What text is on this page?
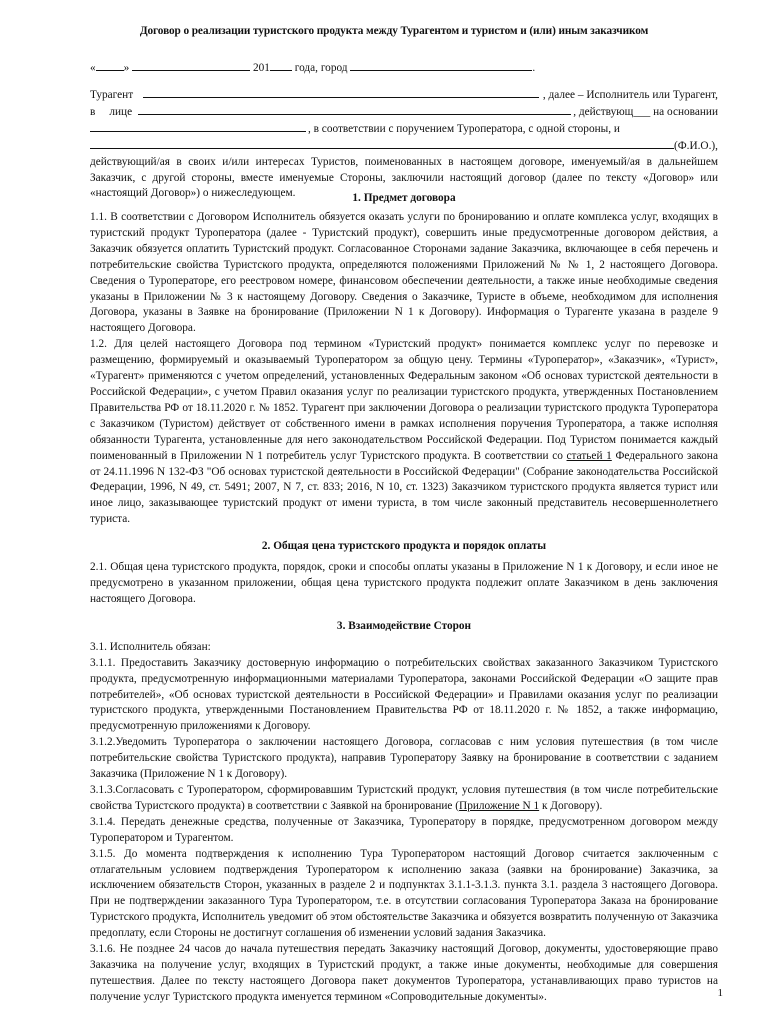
Договор о реализации туристского продукта между Турагентом и туристом и (или) иным заказчиком
« »	201 года, город	.
Турагент	, далее – Исполнитель или Турагент,
в лице	, действующ___ на основании
, в соответствии с поручением Туроператора, с одной стороны, и
(Ф.И.О.),

действующий/ая в своих и/или интересах Туристов, поименованных в настоящем договоре, именуемый/ая в дальнейшем Заказчик, с другой стороны, вместе именуемые Стороны, заключили настоящий договор (далее по тексту «Договор» или «настоящий Договор») о нижеследующем.	1. Предмет договора

1.1. В соответствии с Договором Исполнитель обязуется оказать услуги по бронированию и оплате комплекса услуг, входящих в туристский продукт Туроператора (далее - Туристский продукт), совершить иные предусмотренные договором действия, а Заказчик обязуется оплатить Туристский продукт. Согласованное Сторонами задание Заказчика, включающее в себя перечень и потребительские свойства Туристского продукта, определяются положениями Приложений № № 1, 2 настоящего Договора. Сведения о Туроператоре, его реестровом номере, финансовом обеспечении деятельности, а также иные необходимые сведения указаны в Приложении № 3 к настоящему Договору. Сведения о Заказчике, Туристе в объеме, необходимом для исполнения Договора, указаны в Заявке на бронирование (Приложении N 1 к Договору). Информация о Турагенте указана в разделе 9 настоящего Договора.

1.2. Для целей настоящего Договора под термином «Туристский продукт» понимается комплекс услуг по перевозке и размещению, формируемый и оказываемый Туроператором за общую цену. Термины «Туроператор», «Заказчик», «Турист», «Турагент» применяются с учетом определений, установленных Федеральным законом «Об основах туристской деятельности в Российской Федерации», с учетом Правил оказания услуг по реализации туристского продукта, утвержденных Постановлением Правительства РФ от 18.11.2020 г. № 1852. Турагент при заключении Договора о реализации туристского продукта Туроператора с Заказчиком (Туристом) действует от собственного имени в рамках исполнения поручения Туроператора, а также исполняя обязанности Турагента, установленные для него законодательством Российской Федерации. Под Туристом понимается каждый поименованный в Приложении N 1 потребитель услуг Туристского продукта. В соответствии со статьей 1 Федерального закона от 24.11.1996 N 132-ФЗ "Об основах туристской деятельности в Российской Федерации" (Собрание законодательства Российской Федерации, 1996, N 49, ст. 5491; 2007, N 7, ст. 833; 2016, N 10, ст. 1323) Заказчиком туристского продукта является турист или иное лицо, заказывающее туристский продукт от имени туриста, в том числе законный представитель несовершеннолетнего туриста.

2. Общая цена туристского продукта и порядок оплаты

2.1. Общая цена туристского продукта, порядок, сроки и способы оплаты указаны в Приложение N 1 к Договору, и если иное не предусмотрено в указанном приложении, общая цена туристского продукта подлежит оплате Заказчиком в день заключения настоящего Договора.

3. Взаимодействие Сторон

3.1. Исполнитель обязан:

3.1.1. Предоставить Заказчику достоверную информацию о потребительских свойствах заказанного Заказчиком Туристского продукта, предусмотренную информационными материалами Туроператора, законами Российской Федерации «О защите прав потребителей», «Об основах туристской деятельности в Российской Федерации» и Правилами оказания услуг по реализации туристского продукта, утвержденными Постановлением Правительства РФ от 18.11.2020 г. № 1852, а также информацию, предусмотренную приложениями к Договору.

3.1.2.Уведомить Туроператора о заключении настоящего Договора, согласовав с ним условия путешествия (в том числе потребительские свойства Туристского продукта), направив Туроператору Заявку на бронирование в соответствии с заданием Заказчика (Приложение N 1 к Договору).

3.1.3.Согласовать с Туроператором, сформировавшим Туристский продукт, условия путешествия (в том числе потребительские свойства Туристского продукта) в соответствии с Заявкой на бронирование (Приложение N 1 к Договору).

3.1.4. Передать денежные средства, полученные от Заказчика, Туроператору в порядке, предусмотренном договором между Туроператором и Турагентом.

3.1.5. До момента подтверждения к исполнению Тура Туроператором настоящий Договор считается заключенным с отлагательным условием подтверждения Туроператором к исполнению заказа (заявки на бронирование) Заказчика, за исключением обязательств Сторон, указанных в разделе 2 и подпунктах 3.1.1-3.1.3. пункта 3.1. раздела 3 настоящего Договора. При не подтверждении заказанного Тура Туроператором, т.е. в отсутствии согласования Туроператора Заказа на бронирование Туристского продукта, Исполнитель уведомит об этом обстоятельстве Заказчика и обязуется возвратить полученную от Заказчика предоплату, если Стороны не достигнут соглашения об изменении условий задания Заказчика.

3.1.6. Не позднее 24 часов до начала путешествия передать Заказчику настоящий Договор, документы, удостоверяющие право Заказчика на получение услуг, входящих в Туристский продукт, а также иные документы, необходимые для совершения путешествия. Далее по тексту настоящего Договора пакет документов Туроператора, устанавливающих право туристов на получение услуг Туристского продукта именуется термином «Сопроводительные документы».	1
